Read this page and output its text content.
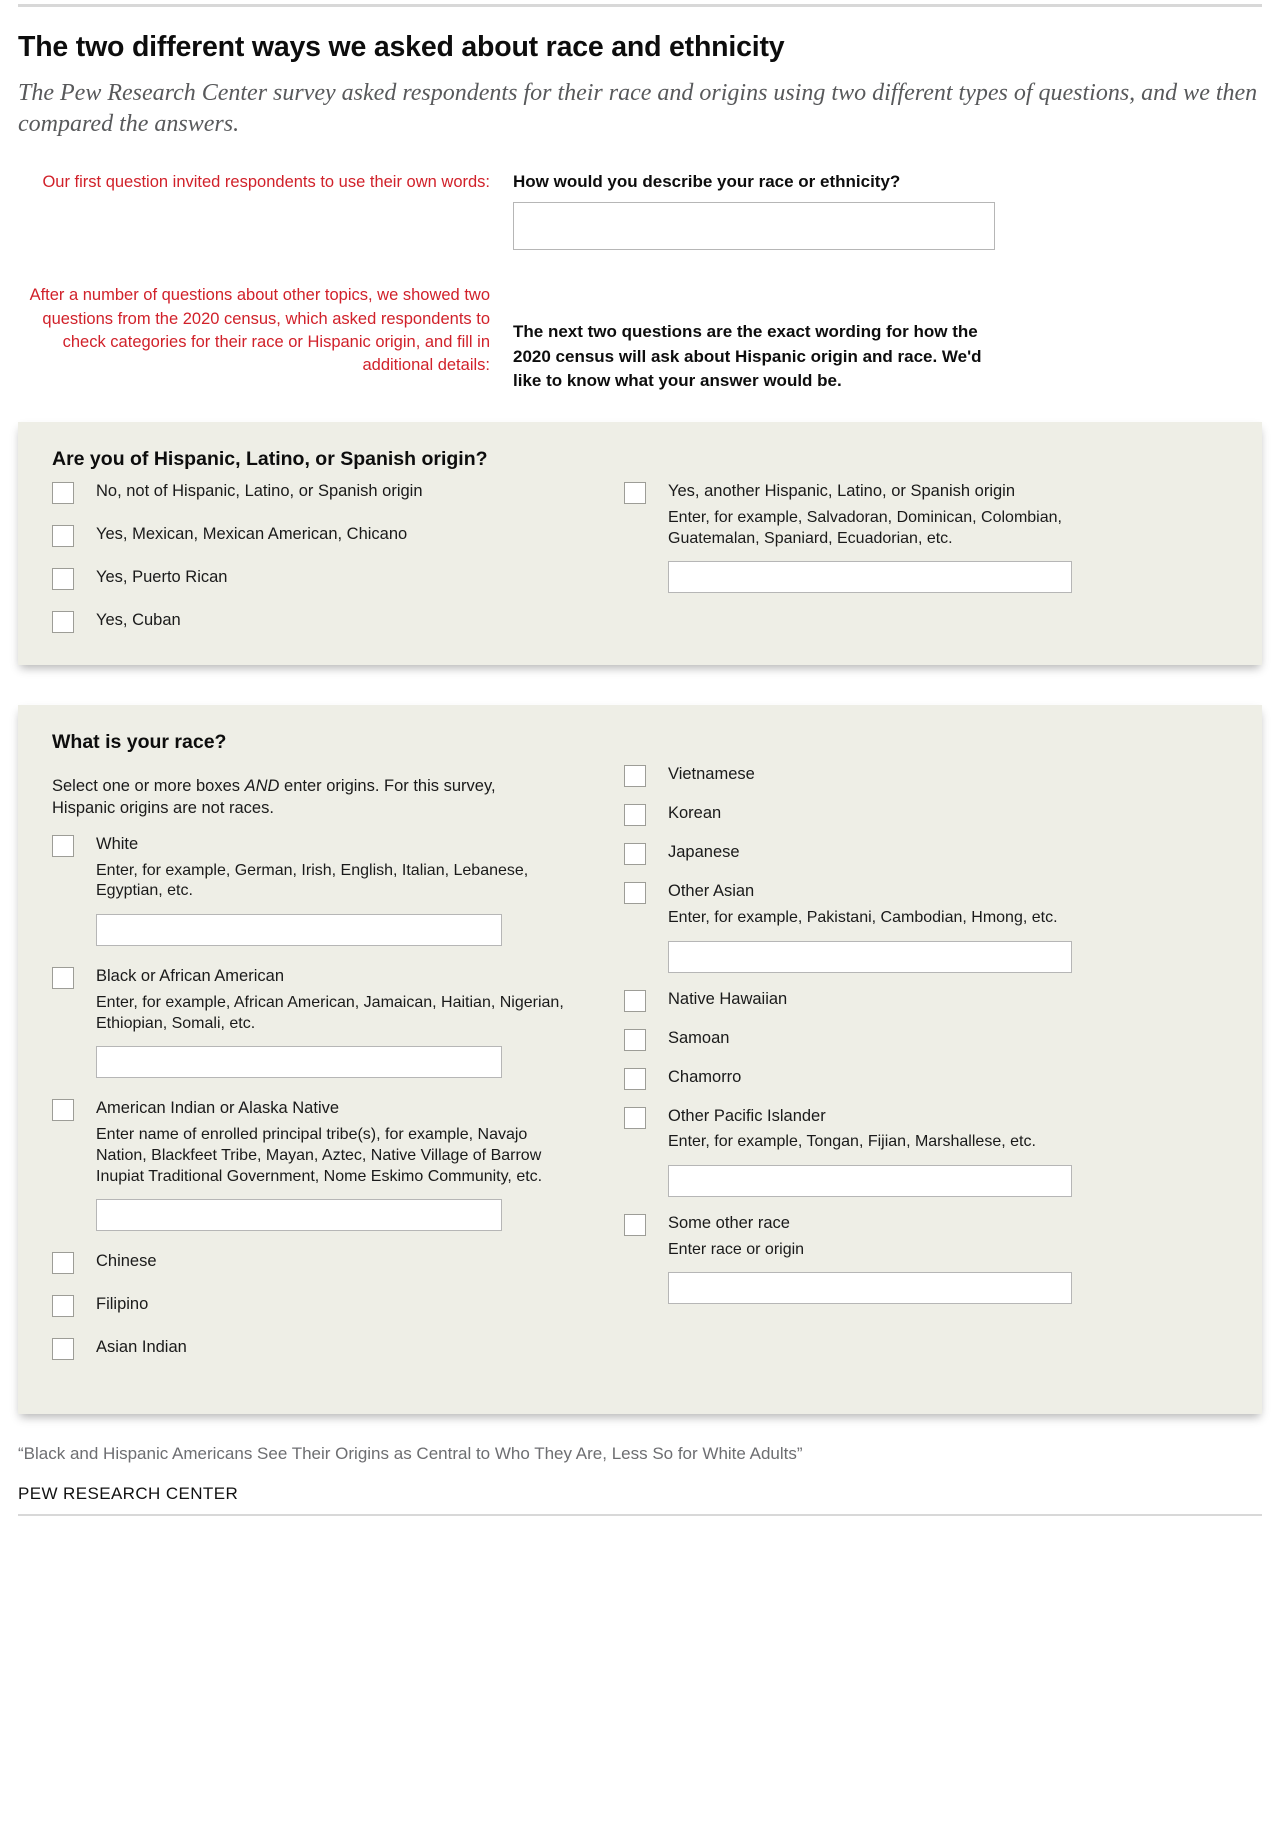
The two different ways we asked about race and ethnicity
The Pew Research Center survey asked respondents for their race and origins using two different types of questions, and we then compared the answers.
Our first question invited respondents to use their own words:	How would you describe your race or ethnicity?
After a number of questions about other topics, we showed two questions from the 2020 census, which asked respondents to check categories for their race or Hispanic origin, and fill in additional details:
The next two questions are the exact wording for how the 2020 census will ask about Hispanic origin and race. We'd like to know what your answer would be.
Are you of Hispanic, Latino, or Spanish origin?
No, not of Hispanic, Latino, or Spanish origin
Yes, Mexican, Mexican American, Chicano
Yes, Puerto Rican
Yes, Cuban
Yes, another Hispanic, Latino, or Spanish origin
Enter, for example, Salvadoran, Dominican, Colombian, Guatemalan, Spaniard, Ecuadorian, etc.
What is your race?
Select one or more boxes AND enter origins. For this survey, Hispanic origins are not races.
White
Enter, for example, German, Irish, English, Italian, Lebanese, Egyptian, etc.
Black or African American
Enter, for example, African American, Jamaican, Haitian, Nigerian, Ethiopian, Somali, etc.
American Indian or Alaska Native
Enter name of enrolled principal tribe(s), for example, Navajo Nation, Blackfeet Tribe, Mayan, Aztec, Native Village of Barrow Inupiat Traditional Government, Nome Eskimo Community, etc.
Chinese
Filipino
Asian Indian
Vietnamese
Korean
Japanese
Other Asian
Enter, for example, Pakistani, Cambodian, Hmong, etc.
Native Hawaiian
Samoan
Chamorro
Other Pacific Islander
Enter, for example, Tongan, Fijian, Marshallese, etc.
Some other race
Enter race or origin
“Black and Hispanic Americans See Their Origins as Central to Who They Are, Less So for White Adults”
PEW RESEARCH CENTER
